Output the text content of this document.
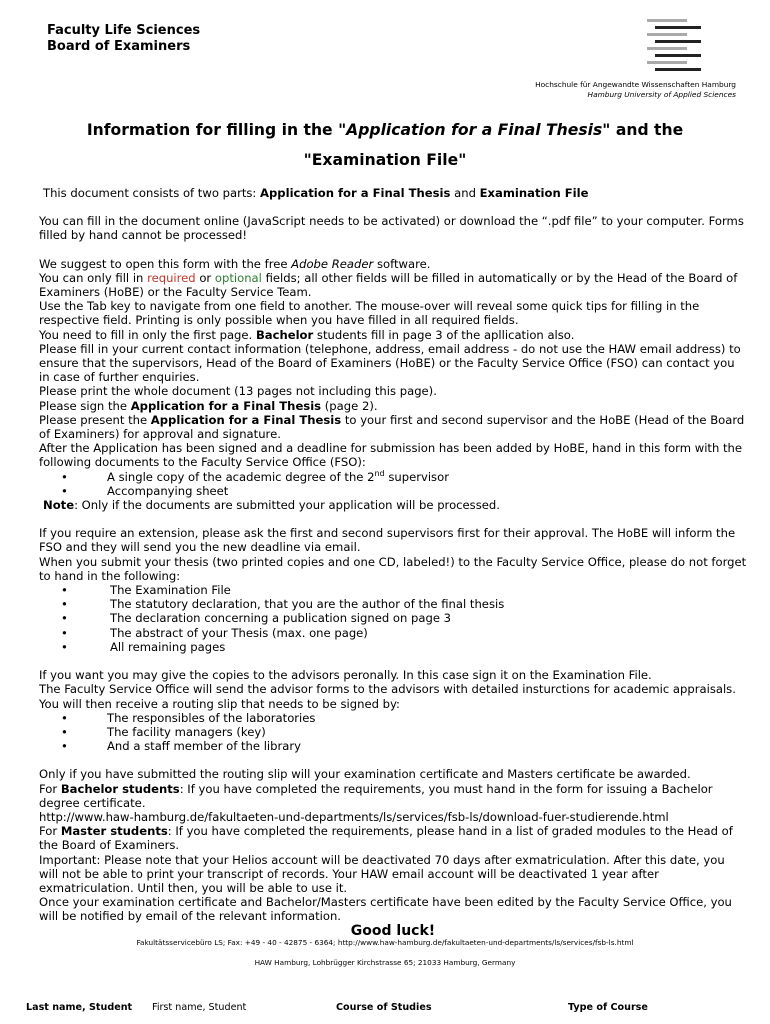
Faculty Life Sciences
Board of Examiners
Hochschule für Angewandte Wissenschaften Hamburg
Hamburg University of Applied Sciences
Information for filling in the "Application for a Final Thesis" and the
"Examination File"

This document consists of two parts: Application for a Final Thesis and Examination File

You can fill in the document online (JavaScript needs to be activated) or download the “.pdf file” to your computer. Forms filled by hand cannot be processed!

We suggest to open this form with the free Adobe Reader software.

You can only fill in required or optional fields; all other fields will be filled in automatically or by the Head of the Board of Examiners (HoBE) or the Faculty Service Team.

Use the Tab key to navigate from one field to another. The mouse-over will reveal some quick tips for filling in the respective field. Printing is only possible when you have filled in all required fields.

You need to fill in only the first page. Bachelor students fill in page 3 of the apllication also.

Please fill in your current contact information (telephone, address, email address - do not use the HAW email address) to ensure that the supervisors, Head of the Board of Examiners (HoBE) or the Faculty Service Office (FSO) can contact you in case of further enquiries.

Please print the whole document (13 pages not including this page).

Please sign the Application for a Final Thesis (page 2).

Please present the Application for a Final Thesis to your first and second supervisor and the HoBE (Head of the Board of Examiners) for approval and signature.

After the Application has been signed and a deadline for submission has been added by HoBE, hand in this form with the following documents to the Faculty Service Office (FSO):

•	A single copy of the academic degree of the 2nd supervisor

•	Accompanying sheet

Note: Only if the documents are submitted your application will be processed.

If you require an extension, please ask the first and second supervisors first for their approval. The HoBE will inform the FSO and they will send you the new deadline via email.

When you submit your thesis (two printed copies and one CD, labeled!) to the Faculty Service Office, please do not forget to hand in the following:

•	The Examination File

•	The statutory declaration, that you are the author of the final thesis

•	The declaration concerning a publication signed on page 3

•	The abstract of your Thesis (max. one page)

•	All remaining pages

If you want you may give the copies to the advisors peronally. In this case sign it on the Examination File.

The Faculty Service Office will send the advisor forms to the advisors with detailed insturctions for academic appraisals.

You will then receive a routing slip that needs to be signed by:

•	The responsibles of the laboratories

•	The facility managers (key)

•	And a staff member of the library

Only if you have submitted the routing slip will your examination certificate and Masters certificate be awarded.

For Bachelor students: If you have completed the requirements, you must hand in the form for issuing a Bachelor degree certificate.

http://www.haw-hamburg.de/fakultaeten-und-departments/ls/services/fsb-ls/download-fuer-studierende.html

For Master students: If you have completed the requirements, please hand in a list of graded modules to the Head of the Board of Examiners.

Important: Please note that your Helios account will be deactivated 70 days after exmatriculation. After this date, you will not be able to print your transcript of records. Your HAW email account will be deactivated 1 year after exmatriculation. Until then, you will be able to use it.

Once your examination certificate and Bachelor/Masters certificate have been edited by the Faculty Service Office, you will be notified by email of the relevant information.

Good luck!

Fakultätsservicebüro LS; Fax: +49 - 40 - 42875 - 6364; http://www.haw-hamburg.de/fakultaeten-und-departments/ls/services/fsb-ls.html
HAW Hamburg, Lohbrügger Kirchstrasse 65; 21033 Hamburg, Germany
Last name, Student First name, Student	Course of Studies	Type of Course
